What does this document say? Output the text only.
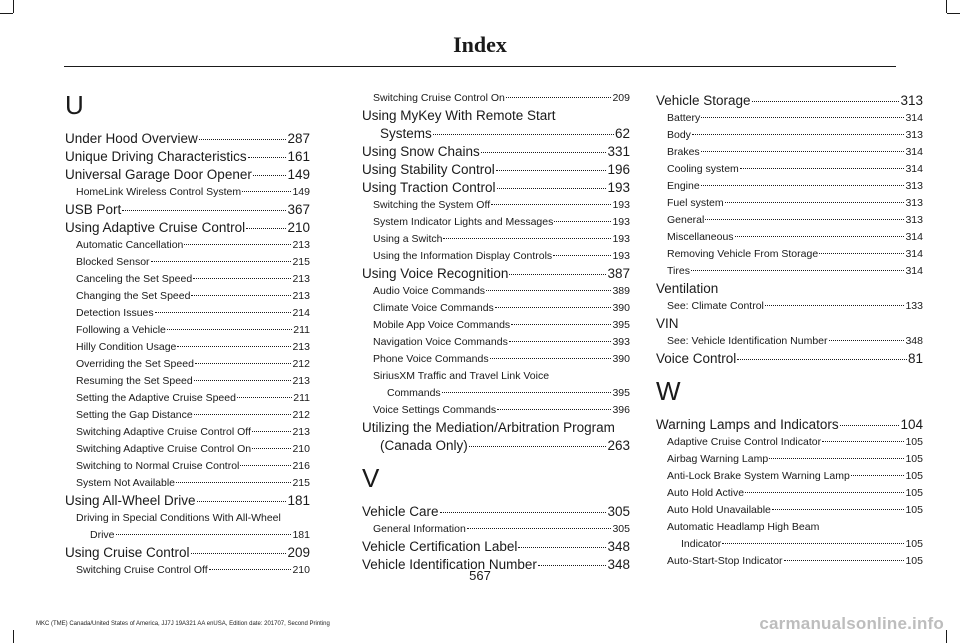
Index
U
Under Hood Overview	287
Unique Driving Characteristics	161
Universal Garage Door Opener	149
HomeLink Wireless Control System	149
USB Port	367
Using Adaptive Cruise Control	210
Automatic Cancellation	213
Blocked Sensor	215
Canceling the Set Speed	213
Changing the Set Speed	213
Detection Issues	214
Following a Vehicle	211
Hilly Condition Usage	213
Overriding the Set Speed	212
Resuming the Set Speed	213
Setting the Adaptive Cruise Speed	211
Setting the Gap Distance	212
Switching Adaptive Cruise Control Off	213
Switching Adaptive Cruise Control On	210
Switching to Normal Cruise Control	216
System Not Available	215
Using All-Wheel Drive	181
Driving in Special Conditions With All-Wheel
Drive	181
Using Cruise Control	209
Switching Cruise Control Off	210
Switching Cruise Control On	209
Using MyKey With Remote Start
Systems	62
Using Snow Chains	331
Using Stability Control	196
Using Traction Control	193
Switching the System Off	193
System Indicator Lights and Messages	193
Using a Switch	193
Using the Information Display Controls	193
Using Voice Recognition	387
Audio Voice Commands	389
Climate Voice Commands	390
Mobile App Voice Commands	395
Navigation Voice Commands	393
Phone Voice Commands	390
SiriusXM Traffic and Travel Link Voice
Commands	395
Voice Settings Commands	396
Utilizing the Mediation/Arbitration Program
(Canada Only)	263
V
Vehicle Care	305
General Information	305
Vehicle Certification Label	348
Vehicle Identification Number	348
Vehicle Storage	313
Battery	314
Body	313
Brakes	314
Cooling system	314
Engine	313
Fuel system	313
General	313
Miscellaneous	314
Removing Vehicle From Storage	314
Tires	314
Ventilation
See: Climate Control	133
VIN
See: Vehicle Identification Number	348
Voice Control	81
W
Warning Lamps and Indicators	104
Adaptive Cruise Control Indicator	105
Airbag Warning Lamp	105
Anti-Lock Brake System Warning Lamp	105
Auto Hold Active	105
Auto Hold Unavailable	105
Automatic Headlamp High Beam
Indicator	105
Auto-Start-Stop Indicator	105
567
MKC (TME) Canada/United States of America, JJ7J 19A321 AA enUSA, Edition date: 201707, Second Printing	carmanualsonline.info
